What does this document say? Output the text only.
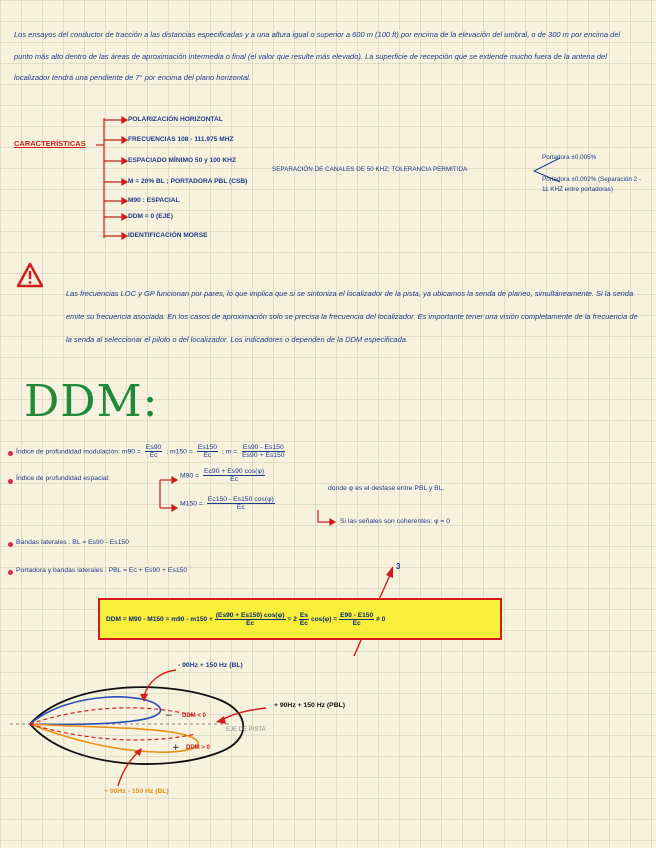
Los ensayos del conductor de tracción a las distancias especificadas y a una altura igual o superior a 600 m (100 ft) por encima de la elevación del umbral, o de 300 m por encima del punto más alto dentro de las áreas de aproximación intermedia o final (el valor que resulte más elevado). La superficie de recepción que se extiende mucho fuera de la antena del localizador tendrá una pendiente de 7° por encima del plano horizontal.
CARACTERÍSTICAS
POLARIZACIÓN HORIZONTAL
FRECUENCIAS 108 - 111.975 MHZ
ESPACIADO MÍNIMO 50 y 100 KHZ
M = 20% BL ; PORTADORA PBL (CSB)
M90 : ESPACIAL
DDM = 0 (EJE)
IDENTIFICACIÓN MORSE
SEPARACIÓN DE CANALES DE 50 KHZ; TOLERANCIA PERMITIDA
Portadora ±0.005%
Portadora ±0.002% (Separación 2 - 11 KHZ entre portadoras)
Las frecuencias LOC y GP funcionan por pares, lo que implica que si se sintoniza el localizador de la pista, ya ubicamos la senda de planeo, simultáneamente. Si la senda emite su frecuencia asociada. En los casos de aproximación solo se precisa la frecuencia del localizador. Es importante tener una visión completamente de la frecuencia de la senda al seleccionar el piloto o del localizador. Los indicadores o dependen de la DDM especificada.
DDM:
Índice de profundidad modulación: $m90 = \frac{Es90}{Ec}$ ; $m150 = \frac{Es150}{Ec}$ ; $m = \frac{Es90 - Es150}{Es90 + Es150}$
Índice de profundidad espacial:	$M90 = \frac{Ec90 + Es90 \cos(\varphi)}{Ec}$
$M150 = \frac{Ec150 - Es150 \cos(\varphi)}{Ec}$
donde φ es el desfase entre PBL y BL.
Si las señales son coherentes: φ = 0
Bandas laterales : BL = Es90 - Es150
Portadora y bandas laterales : PBL = Ec + Es90 + Es150	3
DDM = $M90 - M150 = m90 - m150 + \frac{(Es90 + Es150) \cos(\varphi)}{Ec} = 2 \frac{Es}{Ec} \cos(\varphi) = \frac{E90 - E150}{Ec} \ne 0$
−
+
- 90Hz + 150 Hz (BL)
+ 90Hz + 150 Hz (PBL)
DDM < 0
DDM > 0
EJE DE PISTA
+ 90Hz - 150 Hz (BL)
